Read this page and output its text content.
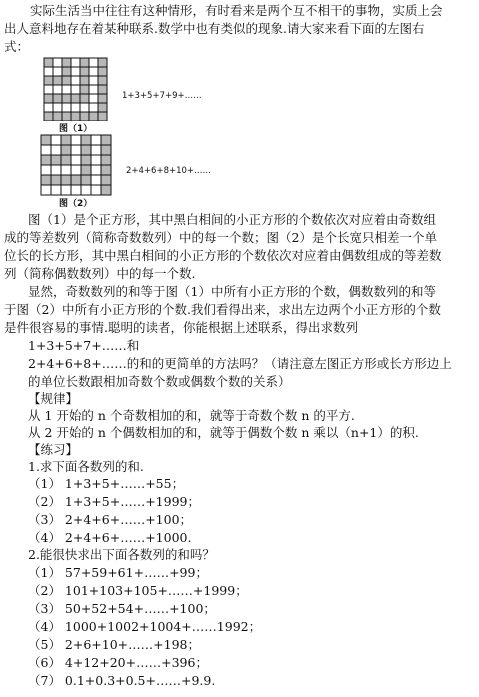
实际生活当中往往有这种情形，有时看来是两个互不相干的事物，实质上会
出人意料地存在着某种联系.数学中也有类似的现象.请大家来看下面的左图右
式：
1+3+5+7+9+……
图（1）
2+4+6+8+10+……
图（2）
图（1）是个正方形，其中黑白相间的小正方形的个数依次对应着由奇数组
成的等差数列（简称奇数数列）中的每一个数；图（2）是个长宽只相差一个单
位长的长方形，其中黑白相间的小正方形的个数依次对应着由偶数组成的等差数
列（简称偶数数列）中的每一个数.
显然，奇数数列的和等于图（1）中所有小正方形的个数，偶数数列的和等
于图（2）中所有小正方形的个数.我们看得出来，求出左边两个小正方形的个数
是件很容易的事情.聪明的读者，你能根据上述联系，得出求数列
1+3+5+7+……和
2+4+6+8+……的和的更简单的方法吗？（请注意左图正方形或长方形边上
的单位长数跟相加奇数个数或偶数个数的关系）
【规律】
从 1 开始的 n 个奇数相加的和，就等于奇数个数 n 的平方.
从 2 开始的 n 个偶数相加的和，就等于偶数个数 n 乘以（n+1）的积.
【练习】
1.求下面各数列的和.
（1） 1+3+5+……+55；
（2） 1+3+5+……+1999；
（3） 2+4+6+……+100；
（4） 2+4+6+……+1000.
2.能很快求出下面各数列的和吗？
（1） 57+59+61+……+99；
（2） 101+103+105+……+1999；
（3） 50+52+54+……+100；
（4） 1000+1002+1004+……1992；
（5） 2+6+10+……+198；
（6） 4+12+20+……+396；
（7） 0.1+0.3+0.5+……+9.9.
